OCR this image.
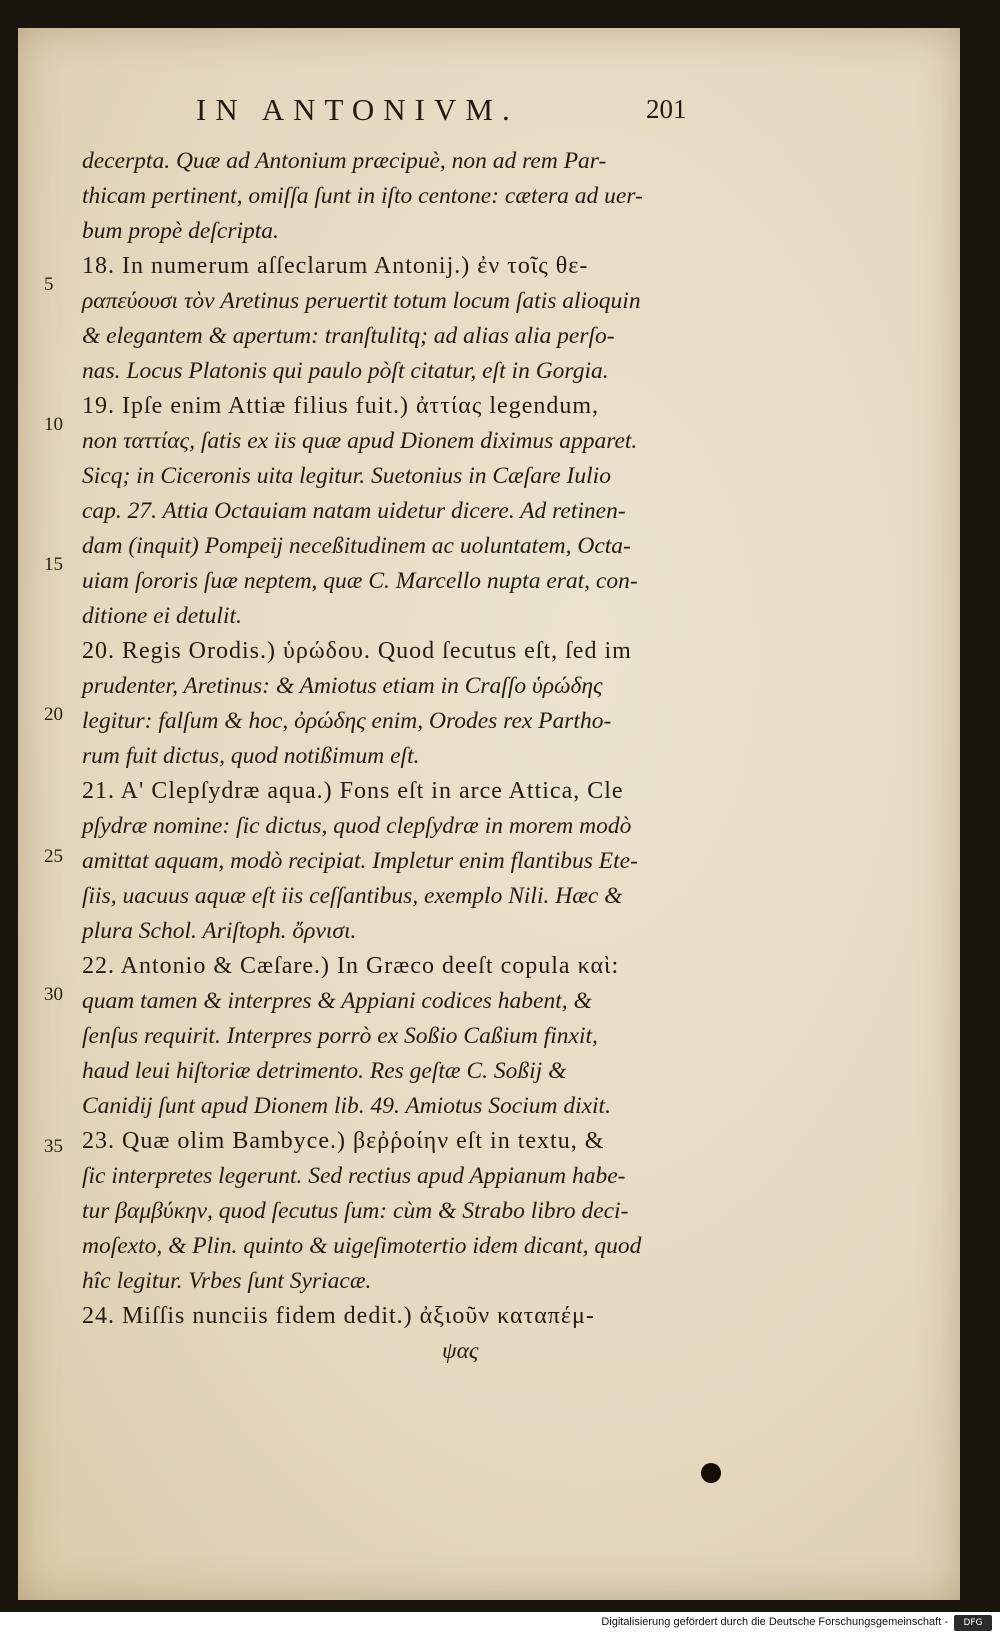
IN ANTONIVM.	201
5
10
15
20
25
30
35
decerpta. Quæ ad Antonium præcipuè, non ad rem Par-
thicam pertinent, omiſſa ſunt in iſto centone: cætera ad uer-
bum propè deſcripta.
18. In numerum aſſeclarum Antonij.) ἐν τοῖς θε-
ραπεύουσι τὸν Aretinus peruertit totum locum ſatis alioquin
& elegantem & apertum: tranſtulitq; ad alias alia perſo-
nas. Locus Platonis qui paulo pòſt citatur, eſt in Gorgia.
19. Ipſe enim Attiæ filius fuit.) ἀττίας legendum,
non ταττίας, ſatis ex iis quæ apud Dionem diximus apparet.
Sicq; in Ciceronis uita legitur. Suetonius in Cæſare Iulio
cap. 27. Attia Octauiam natam uidetur dicere. Ad retinen-
dam (inquit) Pompeij neceßitudinem ac uoluntatem, Octa-
uiam ſororis ſuæ neptem, quæ C. Marcello nupta erat, con-
ditione ei detulit.
20. Regis Orodis.) ὑρώδου. Quod ſecutus eſt, ſed im
prudenter, Aretinus: & Amiotus etiam in Craſſo ὑρώδης
legitur: falſum & hoc, ὀρώδης enim, Orodes rex Partho-
rum fuit dictus, quod notißimum eſt.
21. A' Clepſydræ aqua.) Fons eſt in arce Attica, Cle
pſydræ nomine: ſic dictus, quod clepſydræ in morem modò
amittat aquam, modò recipiat. Impletur enim flantibus Ete-
ſiis, uacuus aquæ eſt iis ceſſantibus, exemplo Nili. Hæc &
plura Schol. Ariſtoph. ὄρνισι.
22. Antonio & Cæſare.) In Græco deeſt copula καὶ:
quam tamen & interpres & Appiani codices habent, &
ſenſus requirit. Interpres porrò ex Soßio Caßium finxit,
haud leui hiſtoriæ detrimento. Res geſtæ C. Soßij &
Canidij ſunt apud Dionem lib. 49. Amiotus Socium dixit.
23. Quæ olim Bambyce.) βεῤῥοίην eſt in textu, &
ſic interpretes legerunt. Sed rectius apud Appianum habe-
tur βαμβύκην, quod ſecutus ſum: cùm & Strabo libro deci-
moſexto, & Plin. quinto & uigeſimotertio idem dicant, quod
hîc legitur. Vrbes ſunt Syriacæ.
24. Miſſis nunciis fidem dedit.) ἀξιοῦν καταπέμ-
ψας
Digitalisierung gefördert durch die Deutsche Forschungsgemeinschaft -	DFG
